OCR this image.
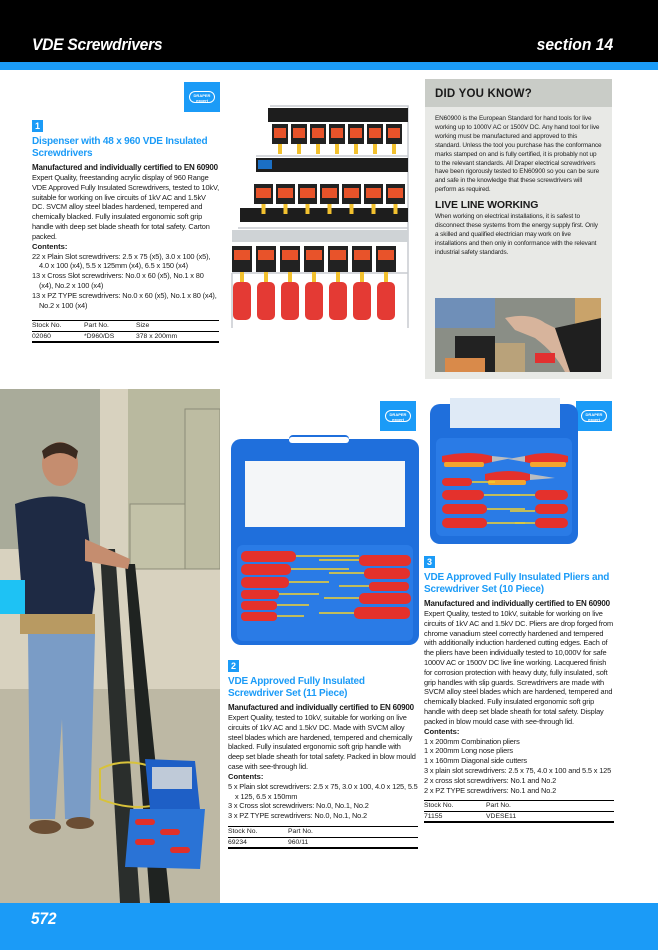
VDE Screwdrivers	section 14
DRAPER
expert
DRAPER
expert
DRAPER
expert
1
Dispenser with 48 x 960 VDE Insulated Screwdrivers
Manufactured and individually certified to EN 60900
Expert Quality, freestanding acrylic display of 960 Range VDE Approved Fully Insulated Screwdrivers, tested to 10kV, suitable for working on live circuits of 1kV AC and 1.5kV DC. SVCM alloy steel blades hardened, tempered and chemically blacked. Fully insulated ergonomic soft grip handle with deep set blade sheath for total safety. Carton packed.
Contents:
22 x Plain Slot screwdrivers: 2.5 x 75 (x5), 3.0 x 100 (x5), 4.0 x 100 (x4), 5.5 x 125mm (x4), 6.5 x 150 (x4)
13 x Cross Slot screwdrivers: No.0 x 60 (x5), No.1 x 80 (x4), No.2 x 100 (x4)
13 x PZ TYPE screwdrivers: No.0 x 60 (x5), No.1 x 80 (x4), No.2 x 100 (x4)
Stock No.	Part No.	Size
02060	*D960/DS	378 x 200mm
DID YOU KNOW?
EN60900 is the European Standard for hand tools for live working up to 1000V AC or 1500V DC. Any hand tool for live working must be manufactured and approved to this standard. Unless the tool you purchase has the conformance marks stamped on and is fully certified, it is probably not up to the relevant standards. All Draper electrical screwdrivers have been rigorously tested to EN60900 so you can be sure and safe in the knowledge that these screwdrivers will perform as required.
LIVE LINE WORKING
When working on electrical installations, it is safest to disconnect these systems from the energy supply first. Only a skilled and qualified electrician may work on live installations and then only in conformance with the relevant industrial safety standards.
2
VDE Approved Fully Insulated Screwdriver Set (11 Piece)
Manufactured and individually certified to EN 60900
Expert Quality, tested to 10kV, suitable for working on live circuits of 1kV AC and 1.5kV DC. Made with SVCM alloy steel blades which are hardened, tempered and chemically blacked. Fully insulated ergonomic soft grip handle with deep set blade sheath for total safety. Packed in blow mould case with see-through lid.
Contents:
5 x Plain slot screwdrivers: 2.5 x 75, 3.0 x 100, 4.0 x 125, 5.5 x 125, 6.5 x 150mm
3 x Cross slot screwdrivers: No.0, No.1, No.2
3 x PZ TYPE screwdrivers: No.0, No.1, No.2
Stock No.	Part No.
69234	960/11
3
VDE Approved Fully Insulated Pliers and Screwdriver Set (10 Piece)
Manufactured and individually certified to EN 60900
Expert Quality, tested to 10kV, suitable for working on live circuits of 1kV AC and 1.5kV DC. Pliers are drop forged from chrome vanadium steel correctly hardened and tempered with additionally induction hardened cutting edges. Each of the pliers have been individually tested to 10,000V for safe 1000V AC or 1500V DC live line working. Lacquered finish for corrosion protection with heavy duty, fully insulated, soft grip handles with slip guards. Screwdrivers are made with SVCM alloy steel blades which are hardened, tempered and chemically blacked. Fully insulated ergonomic soft grip handle with deep set blade sheath for total safety. Display packed in blow mould case with see-through lid.
Contents:
1 x 200mm Combination pliers
1 x 200mm Long nose pliers
1 x 160mm Diagonal side cutters
3 x plain slot screwdrivers: 2.5 x 75, 4.0 x 100 and 5.5 x 125
2 x cross slot screwdrivers: No.1 and No.2
2 x PZ TYPE screwdrivers: No.1 and No.2
Stock No.	Part No.
71155	VDESE11
572
